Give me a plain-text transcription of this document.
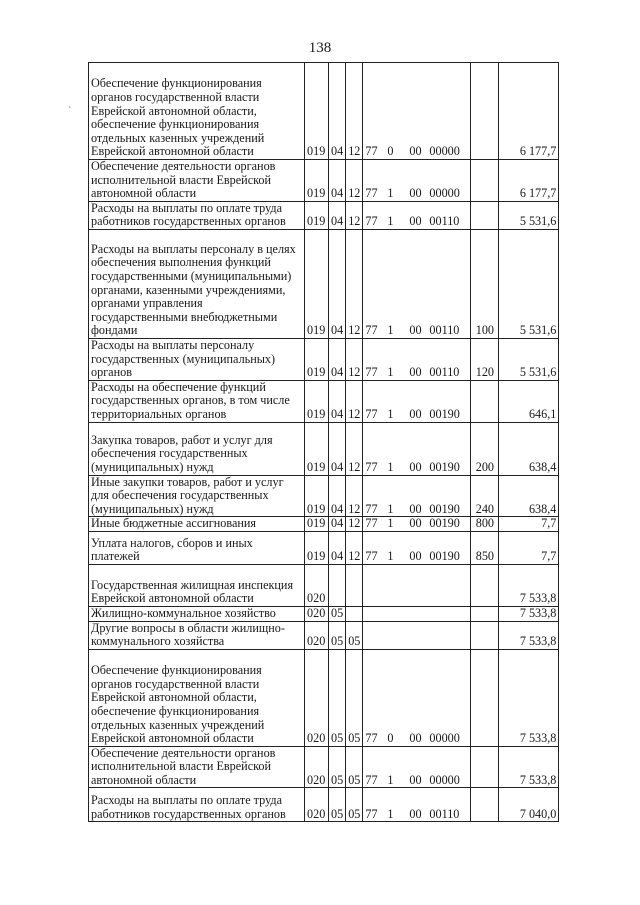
138
`
Обеспечение функционирования органов государственной власти Еврейской автономной области, обеспечение функционирования отдельных казенных учреждений Еврейской автономной области	019	04	12	77 0 00 00000		6 177,7
Обеспечение деятельности органов исполнительной власти Еврейской автономной области	019	04	12	77 1 00 00000		6 177,7
Расходы на выплаты по оплате труда работников государственных органов	019	04	12	77 1 00 00110		5 531,6
Расходы на выплаты персоналу в целях обеспечения выполнения функций государственными (муниципальными) органами, казенными учреждениями, органами управления государственными внебюджетными фондами	019	04	12	77 1 00 00110	100	5 531,6
Расходы на выплаты персоналу государственных (муниципальных) органов	019	04	12	77 1 00 00110	120	5 531,6
Расходы на обеспечение функций государственных органов, в том числе территориальных органов	019	04	12	77 1 00 00190		646,1
Закупка товаров, работ и услуг для обеспечения государственных (муниципальных) нужд	019	04	12	77 1 00 00190	200	638,4
Иные закупки товаров, работ и услуг для обеспечения государственных (муниципальных) нужд	019	04	12	77 1 00 00190	240	638,4
Иные бюджетные ассигнования	019	04	12	77 1 00 00190	800	7,7
Уплата налогов, сборов и иных платежей	019	04	12	77 1 00 00190	850	7,7
Государственная жилищная инспекция Еврейской автономной области	020					7 533,8
Жилищно-коммунальное хозяйство	020	05				7 533,8
Другие вопросы в области жилищно-коммунального хозяйства	020	05	05			7 533,8
Обеспечение функционирования органов государственной власти Еврейской автономной области, обеспечение функционирования отдельных казенных учреждений Еврейской автономной области	020	05	05	77 0 00 00000		7 533,8
Обеспечение деятельности органов исполнительной власти Еврейской автономной области	020	05	05	77 1 00 00000		7 533,8
Расходы на выплаты по оплате труда работников государственных органов	020	05	05	77 1 00 00110		7 040,0
